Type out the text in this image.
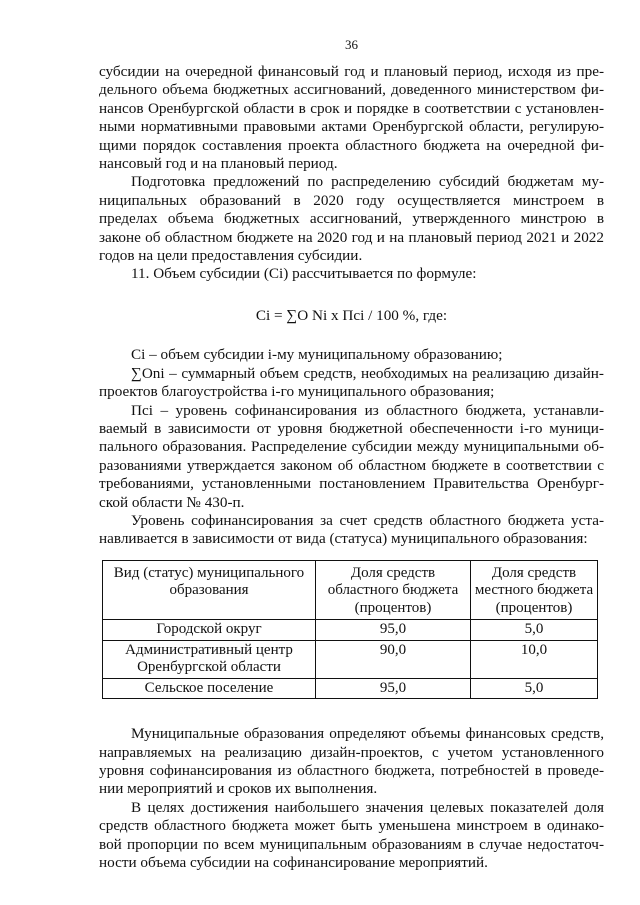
36

субсидии на очередной финансовый год и плановый период, исходя из предельного объема бюджетных ассигнований, доведенного министерством финансов Оренбургской области в срок и порядке в соответствии с установленными нормативными правовыми актами Оренбургской области, регулирующими порядок составления проекта областного бюджета на очередной финансовый год и на плановый период.

Подготовка предложений по распределению субсидий бюджетам муниципальных образований в 2020 году осуществляется минстроем в пределах объема бюджетных ассигнований, утвержденного минстрою в законе об областном бюджете на 2020 год и на плановый период 2021 и 2022 годов на цели предоставления субсидии.

11. Объем субсидии (Ci) рассчитывается по формуле:

Ci = ∑О Ni х Пci / 100 %, где:

Ci – объем субсидии i-му муниципальному образованию;

∑Оni – суммарный объем средств, необходимых на реализацию дизайн-проектов благоустройства i-го муниципального образования;

Пci – уровень софинансирования из областного бюджета, устанавливаемый в зависимости от уровня бюджетной обеспеченности i-го муниципального образования. Распределение субсидии между муниципальными образованиями утверждается законом об областном бюджете в соответствии с требованиями, установленными постановлением Правительства Оренбургской области № 430-п.

Уровень софинансирования за счет средств областного бюджета устанавливается в зависимости от вида (статуса) муниципального образования:

Вид (статус) муниципального образования	Доля средств областного бюджета (процентов)	Доля средств местного бюджета (процентов)
Городской округ	95,0	5,0
Административный центр Оренбургской области	90,0	10,0
Сельское поселение	95,0	5,0

Муниципальные образования определяют объемы финансовых средств, направляемых на реализацию дизайн-проектов, с учетом установленного уровня софинансирования из областного бюджета, потребностей в проведении мероприятий и сроков их выполнения.

В целях достижения наибольшего значения целевых показателей доля средств областного бюджета может быть уменьшена минстроем в одинаковой пропорции по всем муниципальным образованиям в случае недостаточности объема субсидии на софинансирование мероприятий.
